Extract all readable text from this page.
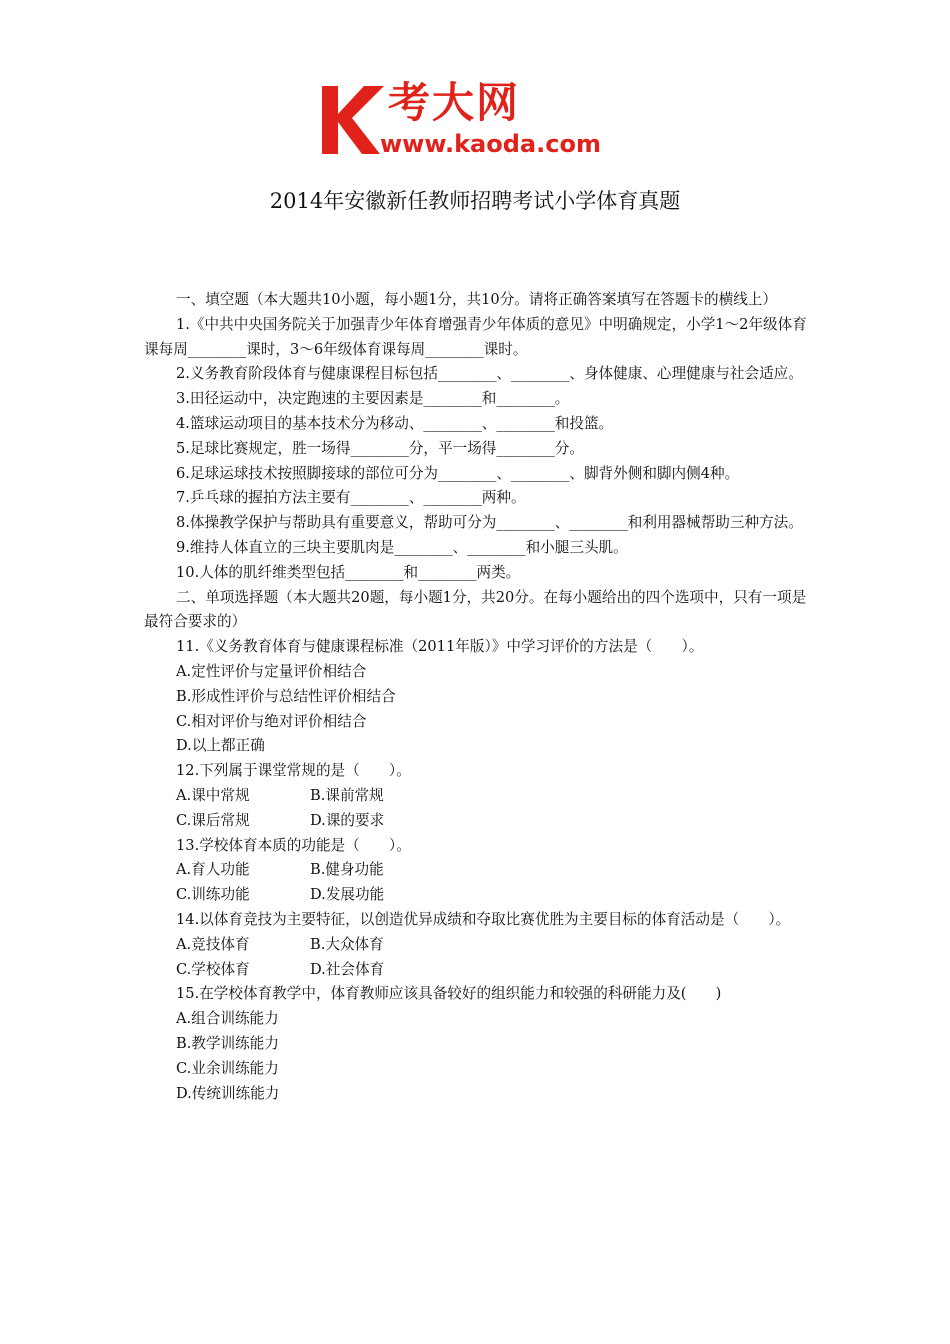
考大网
www.kaoda.com
2014年安徽新任教师招聘考试小学体育真题

一、填空题（本大题共10小题，每小题1分，共10分。请将正确答案填写在答题卡的横线上）

1.《中共中央国务院关于加强青少年体育增强青少年体质的意见》中明确规定，小学1～2年级体育课每周________课时，3～6年级体育课每周________课时。

2.义务教育阶段体育与健康课程目标包括________、________、身体健康、心理健康与社会适应。

3.田径运动中，决定跑速的主要因素是________和________。

4.篮球运动项目的基本技术分为移动、________、________和投篮。

5.足球比赛规定，胜一场得________分，平一场得________分。

6.足球运球技术按照脚接球的部位可分为________、________、脚背外侧和脚内侧4种。

7.乒乓球的握拍方法主要有________、________两种。

8.体操教学保护与帮助具有重要意义，帮助可分为________、________和利用器械帮助三种方法。

9.维持人体直立的三块主要肌肉是________、________和小腿三头肌。

10.人体的肌纤维类型包括________和________两类。

二、单项选择题（本大题共20题，每小题1分，共20分。在每小题给出的四个选项中，只有一项是最符合要求的）

11.《义务教育体育与健康课程标准（2011年版）》中学习评价的方法是（　　）。

A.定性评价与定量评价相结合

B.形成性评价与总结性评价相结合

C.相对评价与绝对评价相结合

D.以上都正确

12.下列属于课堂常规的是（　　）。

A.课中常规	B.课前常规

C.课后常规	D.课的要求

13.学校体育本质的功能是（　　）。

A.育人功能	B.健身功能

C.训练功能	D.发展功能

14.以体育竞技为主要特征，以创造优异成绩和夺取比赛优胜为主要目标的体育活动是（　　）。

A.竞技体育	B.大众体育

C.学校体育	D.社会体育

15.在学校体育教学中，体育教师应该具备较好的组织能力和较强的科研能力及(　　)

A.组合训练能力

B.教学训练能力

C.业余训练能力

D.传统训练能力
